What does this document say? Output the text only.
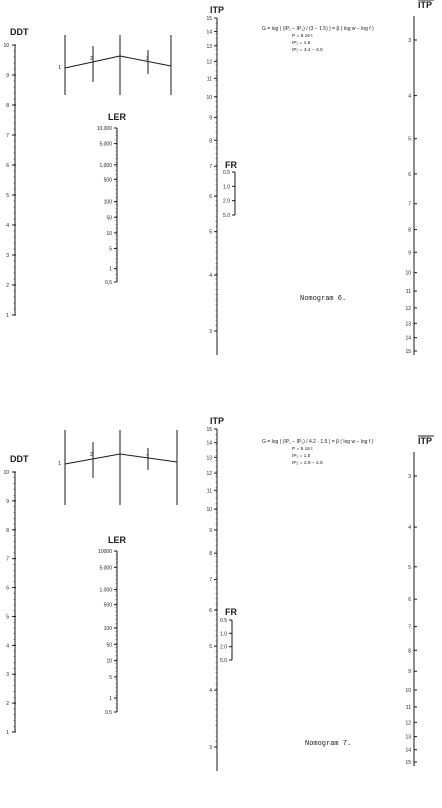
DDT
1
2
3
4
5
6
7
8
9
10
1
2	3
LER
10,000
5,000
1,000
500
100
50
10
5
1
0,5
ITP
3
4
5
6
7
8
9
10
11
12
13
14
15
ITP
3
4
5
6
7
8
9
10
11
12
13
14
15
FR
0.5
1.0
2.0
5.0
G = log ( (IP₁ − IP₂) / (3 − 1.5) ) = β ( log w − log f )
P = 8.16 t
IP₁ = 1.5
IP₂ = 3.4 − 3.0
Nomogram 6.
DDT
1
2
3
4
5
6
7
8
9
10
1
2	3
LER
10000
5.000
1.000
500
100
50
10
5
1
0.5
ITP
3
4
5
6
7
8
9
10
11
12
13
14
15
ITP
3
4
5
6
7
8
9
10
11
12
13
14
15
FR
0.5
1.0
2.0
5.0
G = log ( (IP₁ − IP₂) / 4.2 · 1.5 ) = β ( log w − log f )
P = 8.16 t
IP₁ = 1.5
IP₂ = 2.9 − 2.5
Nomogram 7.
